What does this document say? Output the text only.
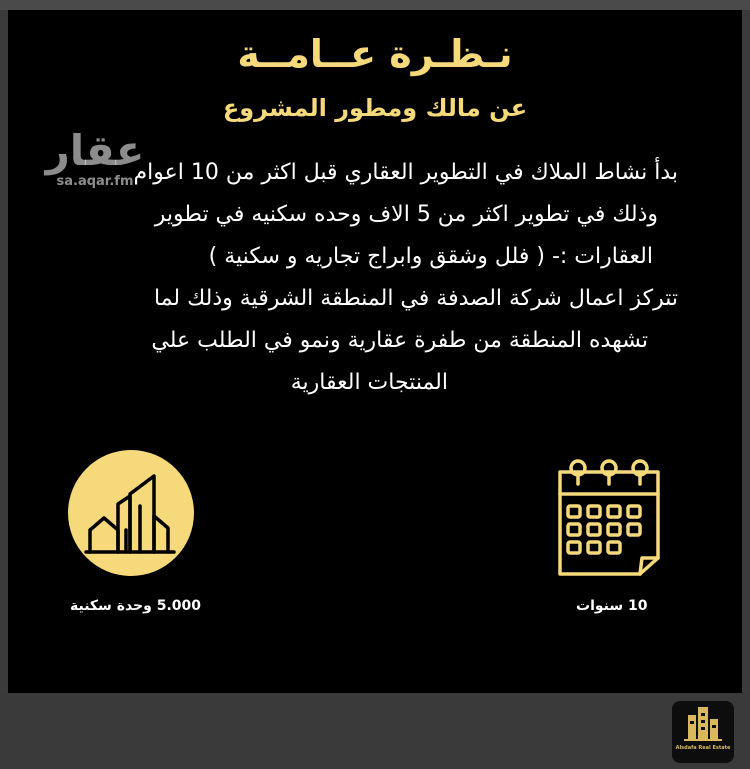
نـظـرة عــامــة
عن مالك ومطور المشروع

بدأ نشاط الملاك في التطوير العقاري قبل اكثر من 10 اعوام

وذلك في تطوير اكثر من 5 الاف وحده سكنيه في تطوير

العقارات :- ( فلل وشقق وابراج تجاريه و سكنية )

تتركز اعمال شركة الصدفة في المنطقة الشرقية وذلك لما

تشهده المنطقة من طفرة عقارية ونمو في الطلب علي

المنتجات العقارية

عقار
sa.aqar.fm
5.000 وحدة سكنية	10 سنوات
Alsdafa Real Estate
